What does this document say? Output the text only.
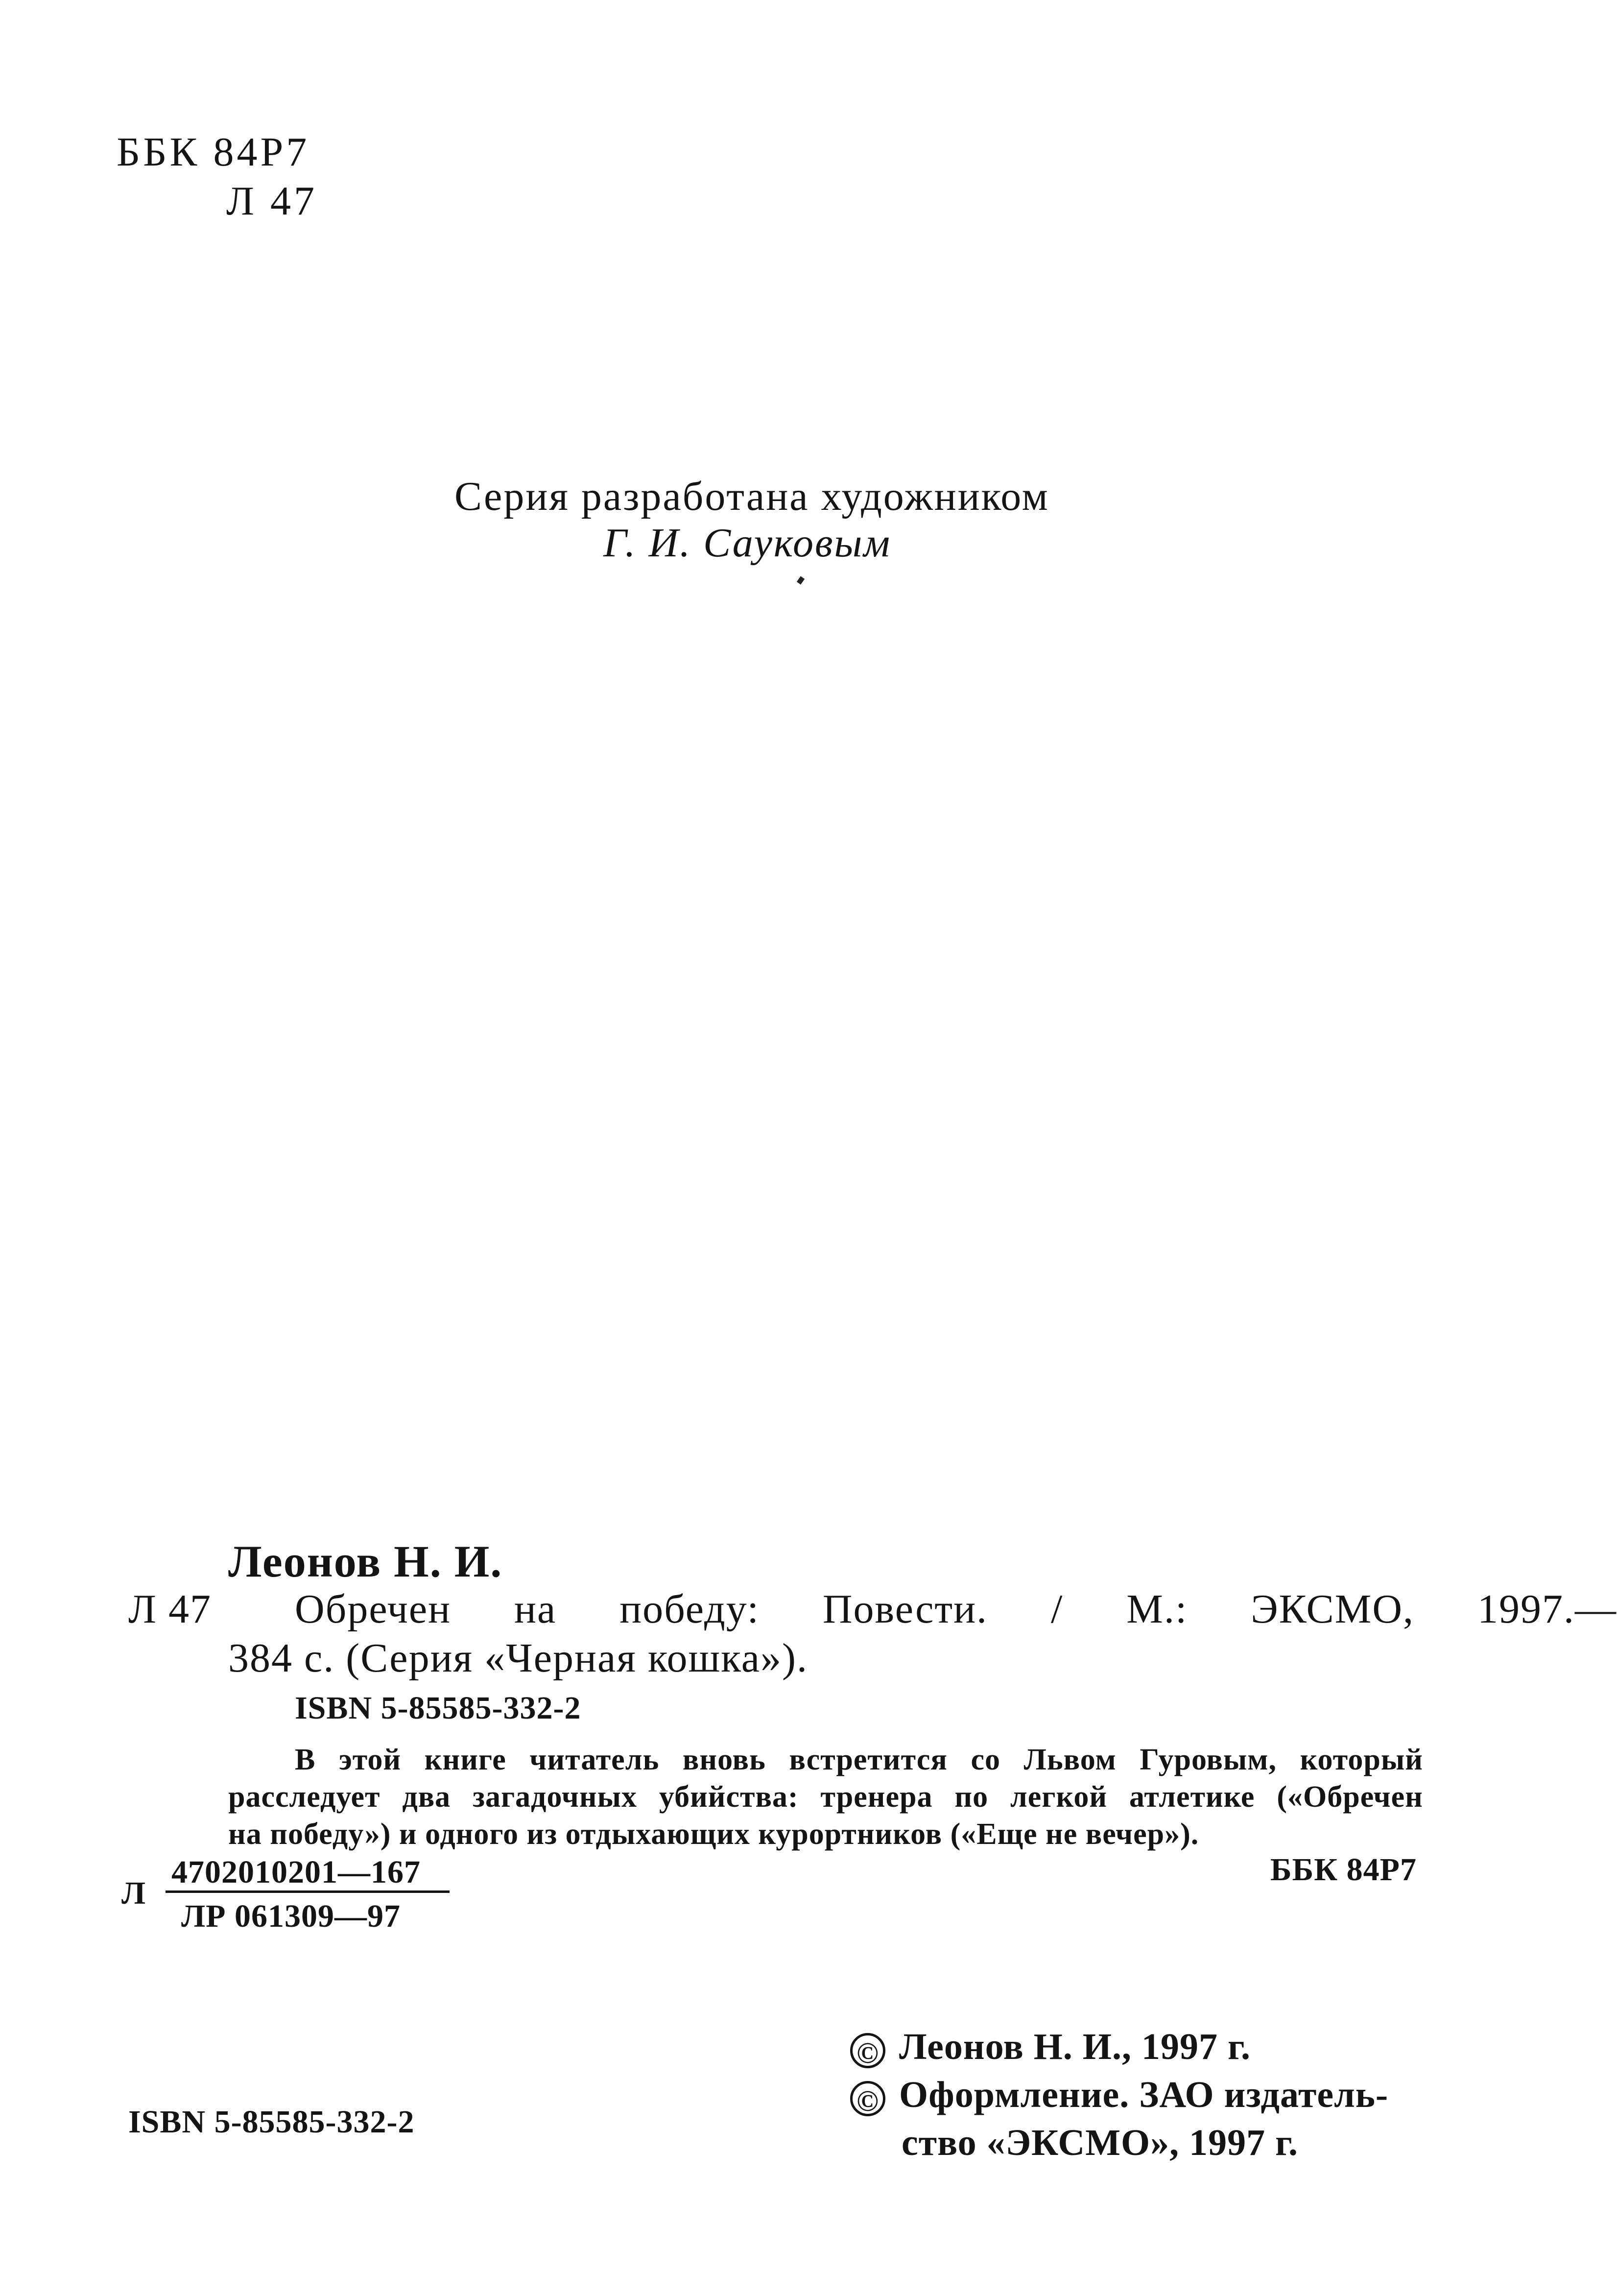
ББК 84Р7
Л 47
Серия разработана художником
Г. И. Сауковым
Леонов Н. И.
Л 47 Обречен на победу: Повести. / М.: ЭКСМО, 1997.—
384 с. (Серия «Черная кошка»).
ISBN 5-85585-332-2
В этой книге читатель вновь встретится со Львом Гуровым, который
расследует два загадочных убийства: тренера по легкой атлетике («Обречен
на победу») и одного из отдыхающих курортников («Еще не вечер»).
4702010201—167
Л
ЛР 061309—97
ББК 84Р7
© Леонов Н. И., 1997 г.
© Оформление. ЗАО издатель-
ство «ЭКСМО», 1997 г.
ISBN 5-85585-332-2
